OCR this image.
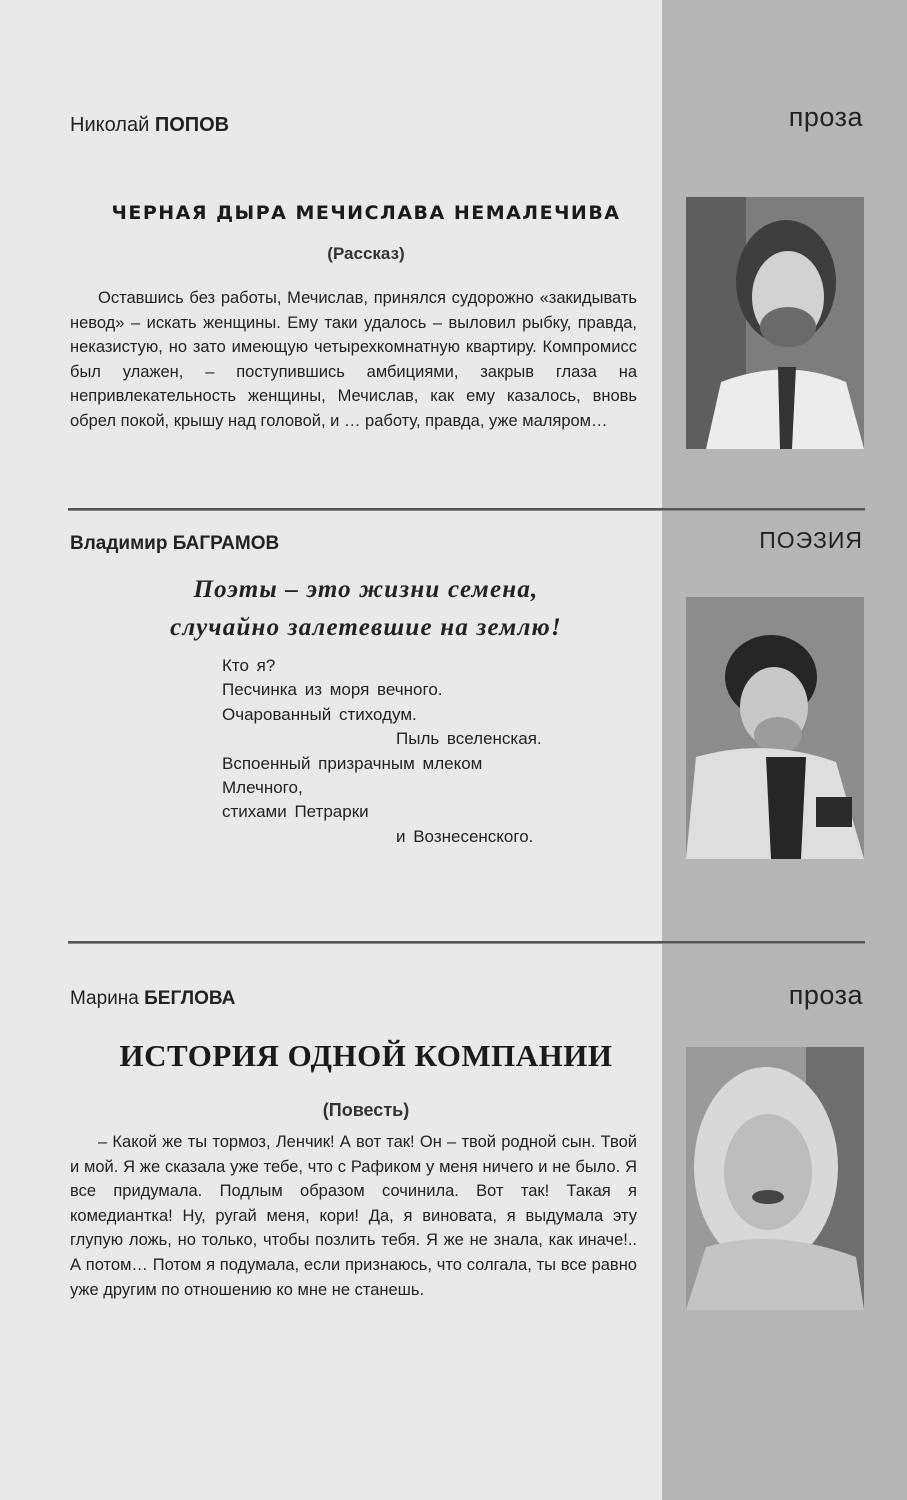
Николай ПОПОВ	проза
ЧЕРНАЯ ДЫРА МЕЧИСЛАВА НЕМАЛЕЧИВА
(Рассказ)

Оставшись без работы, Мечислав, принялся судорожно «закидывать невод» – искать женщины. Ему таки удалось – выловил рыбку, правда, неказистую, но зато имеющую четырехкомнатную квартиру. Компромисс был улажен, – поступившись амбициями, закрыв глаза на непривлекательность женщины, Мечислав, как ему казалось, вновь обрел покой, крышу над головой, и … работу, правда, уже маляром…

Владимир БАГРАМОВ	ПОЭЗИЯ
Поэты – это жизни семена,
случайно залетевшие на землю!
Кто я?
Песчинка из моря вечного.
Очарованный стиходум.
Пыль вселенская.
Вспоенный призрачным млеком
Млечного,
стихами Петрарки
и Вознесенского.
Марина БЕГЛОВА	проза
ИСТОРИЯ ОДНОЙ КОМПАНИИ
(Повесть)

– Какой же ты тормоз, Ленчик! А вот так! Он – твой родной сын. Твой и мой. Я же сказала уже тебе, что с Рафиком у меня ничего и не было. Я все придумала. Подлым образом сочинила. Вот так! Такая я комедиантка! Ну, ругай меня, кори! Да, я виновата, я выдумала эту глупую ложь, но только, чтобы позлить тебя. Я же не знала, как иначе!.. А потом… Потом я подумала, если признаюсь, что солгала, ты все равно уже другим по отношению ко мне не станешь.
